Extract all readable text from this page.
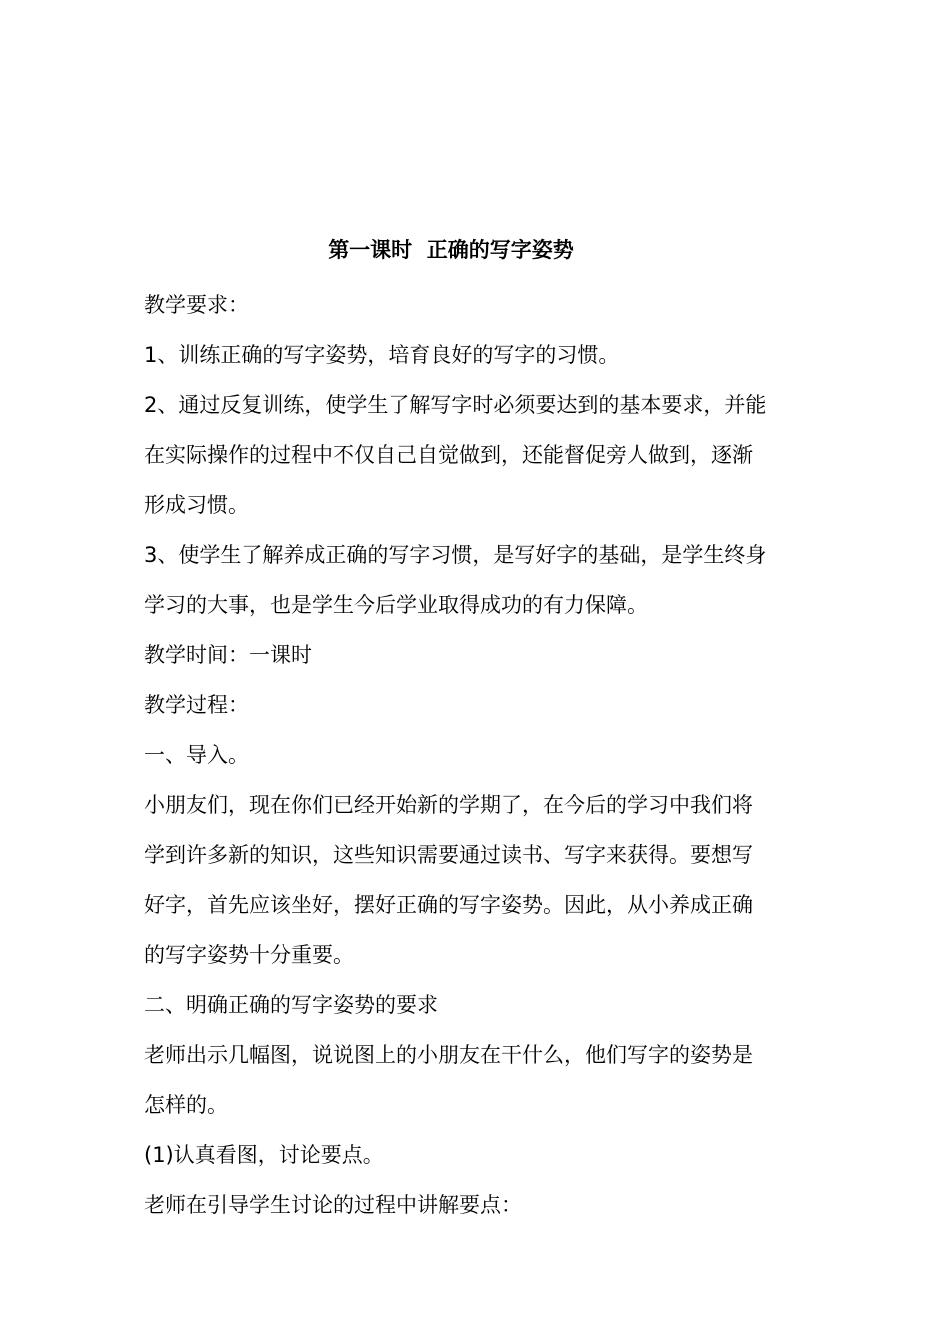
第一课时  正确的写字姿势

教学要求：

1、训练正确的写字姿势，培育良好的写字的习惯。

2、通过反复训练，使学生了解写字时必须要达到的基本要求，并能

在实际操作的过程中不仅自己自觉做到，还能督促旁人做到，逐渐

形成习惯。

3、使学生了解养成正确的写字习惯，是写好字的基础，是学生终身

学习的大事，也是学生今后学业取得成功的有力保障。

教学时间：一课时

教学过程：

一、导入。

小朋友们，现在你们已经开始新的学期了，在今后的学习中我们将

学到许多新的知识，这些知识需要通过读书、写字来获得。要想写

好字，首先应该坐好，摆好正确的写字姿势。因此，从小养成正确

的写字姿势十分重要。

二、明确正确的写字姿势的要求

老师出示几幅图，说说图上的小朋友在干什么，他们写字的姿势是

怎样的。

(1)认真看图，讨论要点。

老师在引导学生讨论的过程中讲解要点：
